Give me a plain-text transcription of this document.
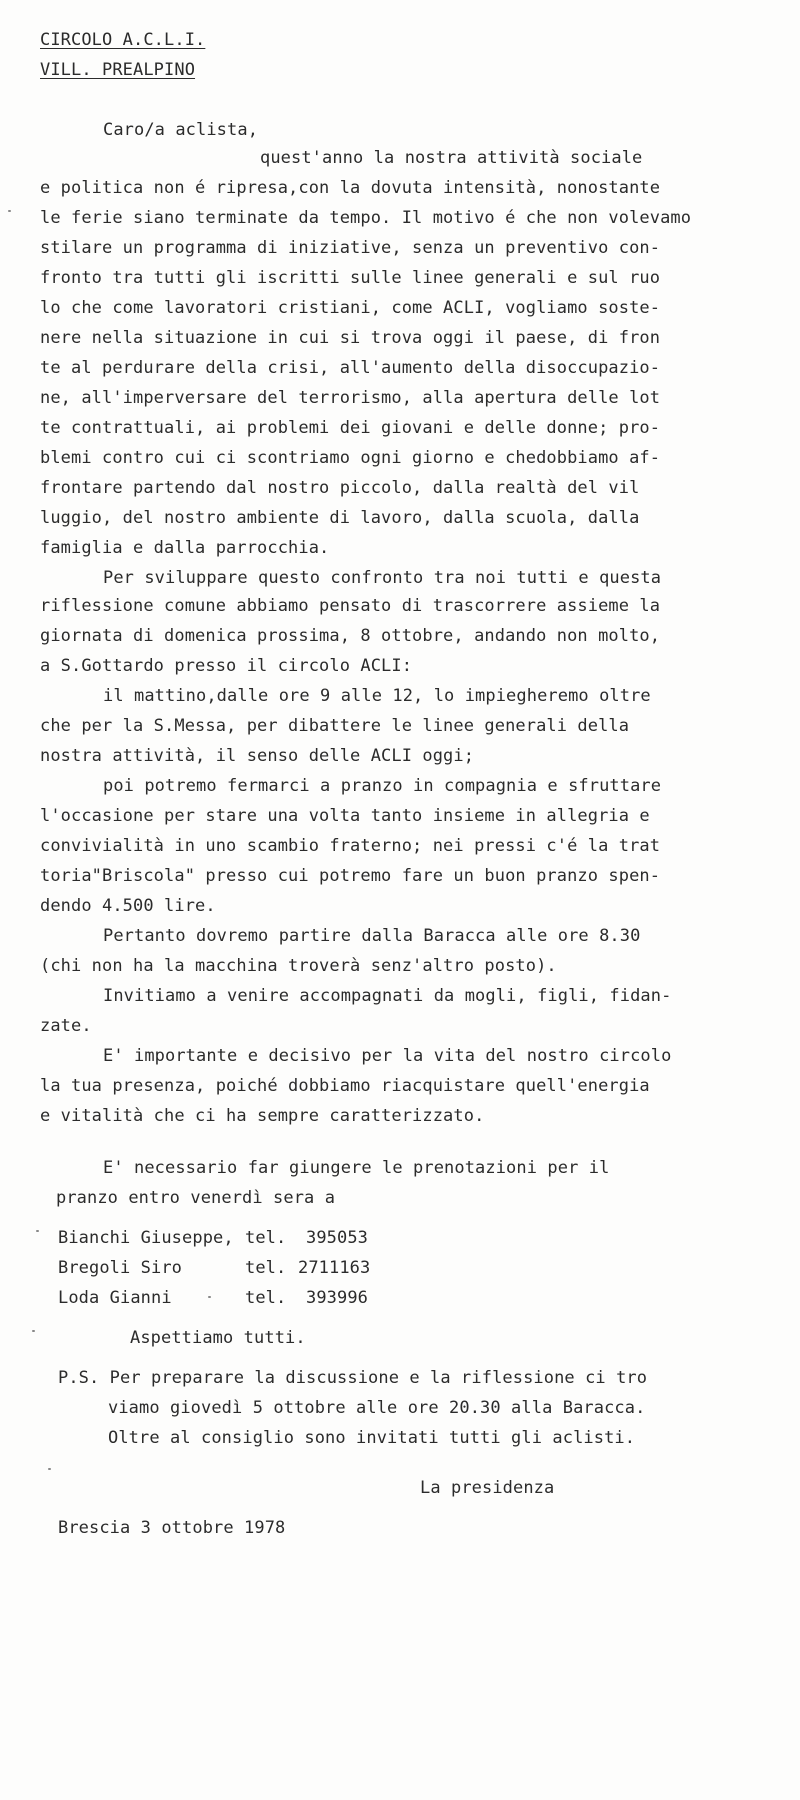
CIRCOLO A.C.L.I.
VILL. PREALPINO
Caro/a aclista,
quest'anno la nostra attività sociale
e politica non é ripresa,con la dovuta intensità, nonostante
le ferie siano terminate da tempo. Il motivo é che non volevamo
stilare un programma di iniziative, senza un preventivo con-
fronto tra tutti gli iscritti sulle linee generali e sul ruo
lo che come lavoratori cristiani, come ACLI, vogliamo soste-
nere nella situazione in cui si trova oggi il paese, di fron
te al perdurare della crisi, all'aumento della disoccupazio-
ne, all'imperversare del terrorismo, alla apertura delle lot
te contrattuali, ai problemi dei giovani e delle donne; pro-
blemi contro cui ci scontriamo ogni giorno e chedobbiamo af-
frontare partendo dal nostro piccolo, dalla realtà del vil
luggio, del nostro ambiente di lavoro, dalla scuola, dalla
famiglia e dalla parrocchia.
Per sviluppare questo confronto tra noi tutti e questa
riflessione comune abbiamo pensato di trascorrere assieme la
giornata di domenica prossima, 8 ottobre, andando non molto,
a S.Gottardo presso il circolo ACLI:
il mattino,dalle ore 9 alle 12, lo impiegheremo oltre
che per la S.Messa, per dibattere le linee generali della
nostra attività, il senso delle ACLI oggi;
poi potremo fermarci a pranzo in compagnia e sfruttare
l'occasione per stare una volta tanto insieme in allegria e
convivialità in uno scambio fraterno; nei pressi c'é la trat
toria"Briscola" presso cui potremo fare un buon pranzo spen-
dendo 4.500 lire.
Pertanto dovremo partire dalla Baracca alle ore 8.30
(chi non ha la macchina troverà senz'altro posto).
Invitiamo a venire accompagnati da mogli, figli, fidan-
zate.
E' importante e decisivo per la vita del nostro circolo
la tua presenza, poiché dobbiamo riacquistare quell'energia
e vitalità che ci ha sempre caratterizzato.
E' necessario far giungere le prenotazioni per il
pranzo entro venerdì sera a
Bianchi Giuseppe, tel. 395053
Bregoli Siro	tel. 2711163
Loda Gianni	tel. 393996
Aspettiamo tutti.
P.S. Per preparare la discussione e la riflessione ci tro
viamo giovedì 5 ottobre alle ore 20.30 alla Baracca.
Oltre al consiglio sono invitati tutti gli aclisti.
La presidenza
Brescia 3 ottobre 1978
